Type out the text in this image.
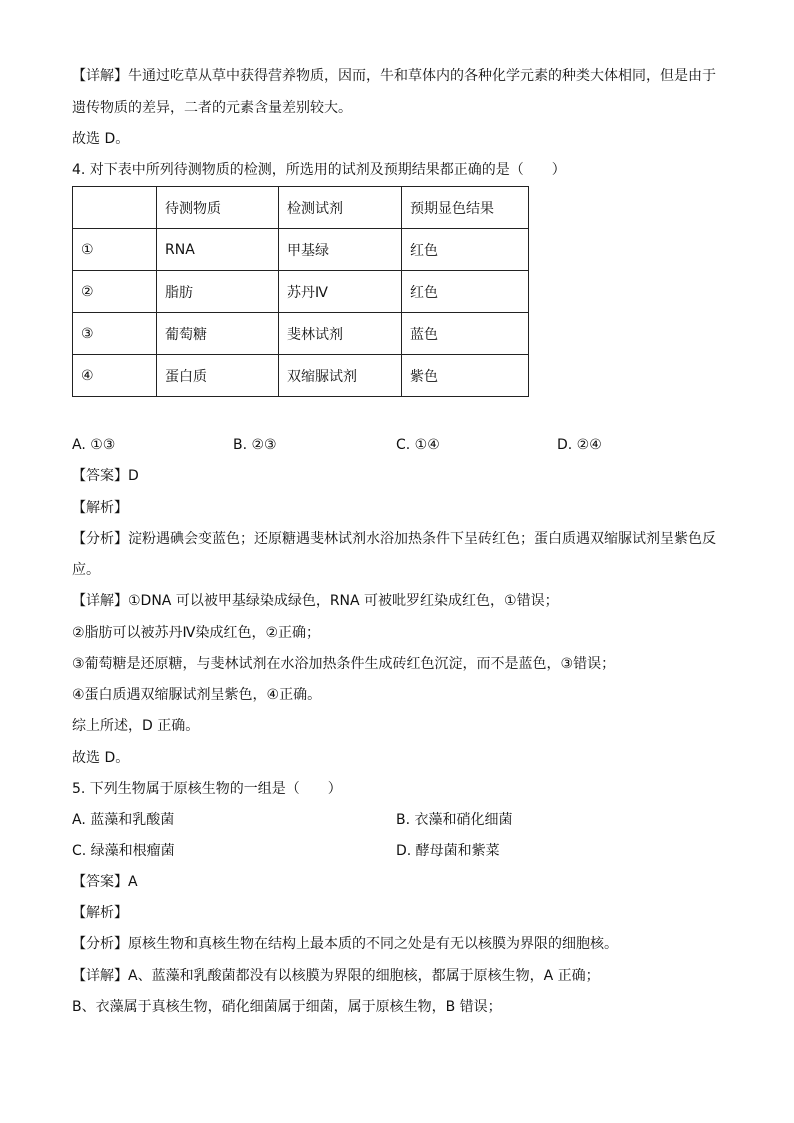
【详解】牛通过吃草从草中获得营养物质，因而，牛和草体内的各种化学元素的种类大体相同，但是由于
遗传物质的差异，二者的元素含量差别较大。
故选 D。
4. 对下表中所列待测物质的检测，所选用的试剂及预期结果都正确的是（　　）
	待测物质	检测试剂	预期显色结果
①	RNA	甲基绿	红色
②	脂肪	苏丹Ⅳ	红色
③	葡萄糖	斐林试剂	蓝色
④	蛋白质	双缩脲试剂	紫色
A. ①③	B. ②③	C. ①④	D. ②④
【答案】D
【解析】
【分析】淀粉遇碘会变蓝色；还原糖遇斐林试剂水浴加热条件下呈砖红色；蛋白质遇双缩脲试剂呈紫色反
应。
【详解】①DNA 可以被甲基绿染成绿色，RNA 可被吡罗红染成红色，①错误；
②脂肪可以被苏丹Ⅳ染成红色，②正确；
③葡萄糖是还原糖，与斐林试剂在水浴加热条件生成砖红色沉淀，而不是蓝色，③错误；
④蛋白质遇双缩脲试剂呈紫色，④正确。
综上所述，D 正确。
故选 D。
5. 下列生物属于原核生物的一组是（　　）
A. 蓝藻和乳酸菌	B. 衣藻和硝化细菌
C. 绿藻和根瘤菌	D. 酵母菌和紫菜
【答案】A
【解析】
【分析】原核生物和真核生物在结构上最本质的不同之处是有无以核膜为界限的细胞核。
【详解】A、蓝藻和乳酸菌都没有以核膜为界限的细胞核，都属于原核生物，A 正确；
B、衣藻属于真核生物，硝化细菌属于细菌，属于原核生物，B 错误；
